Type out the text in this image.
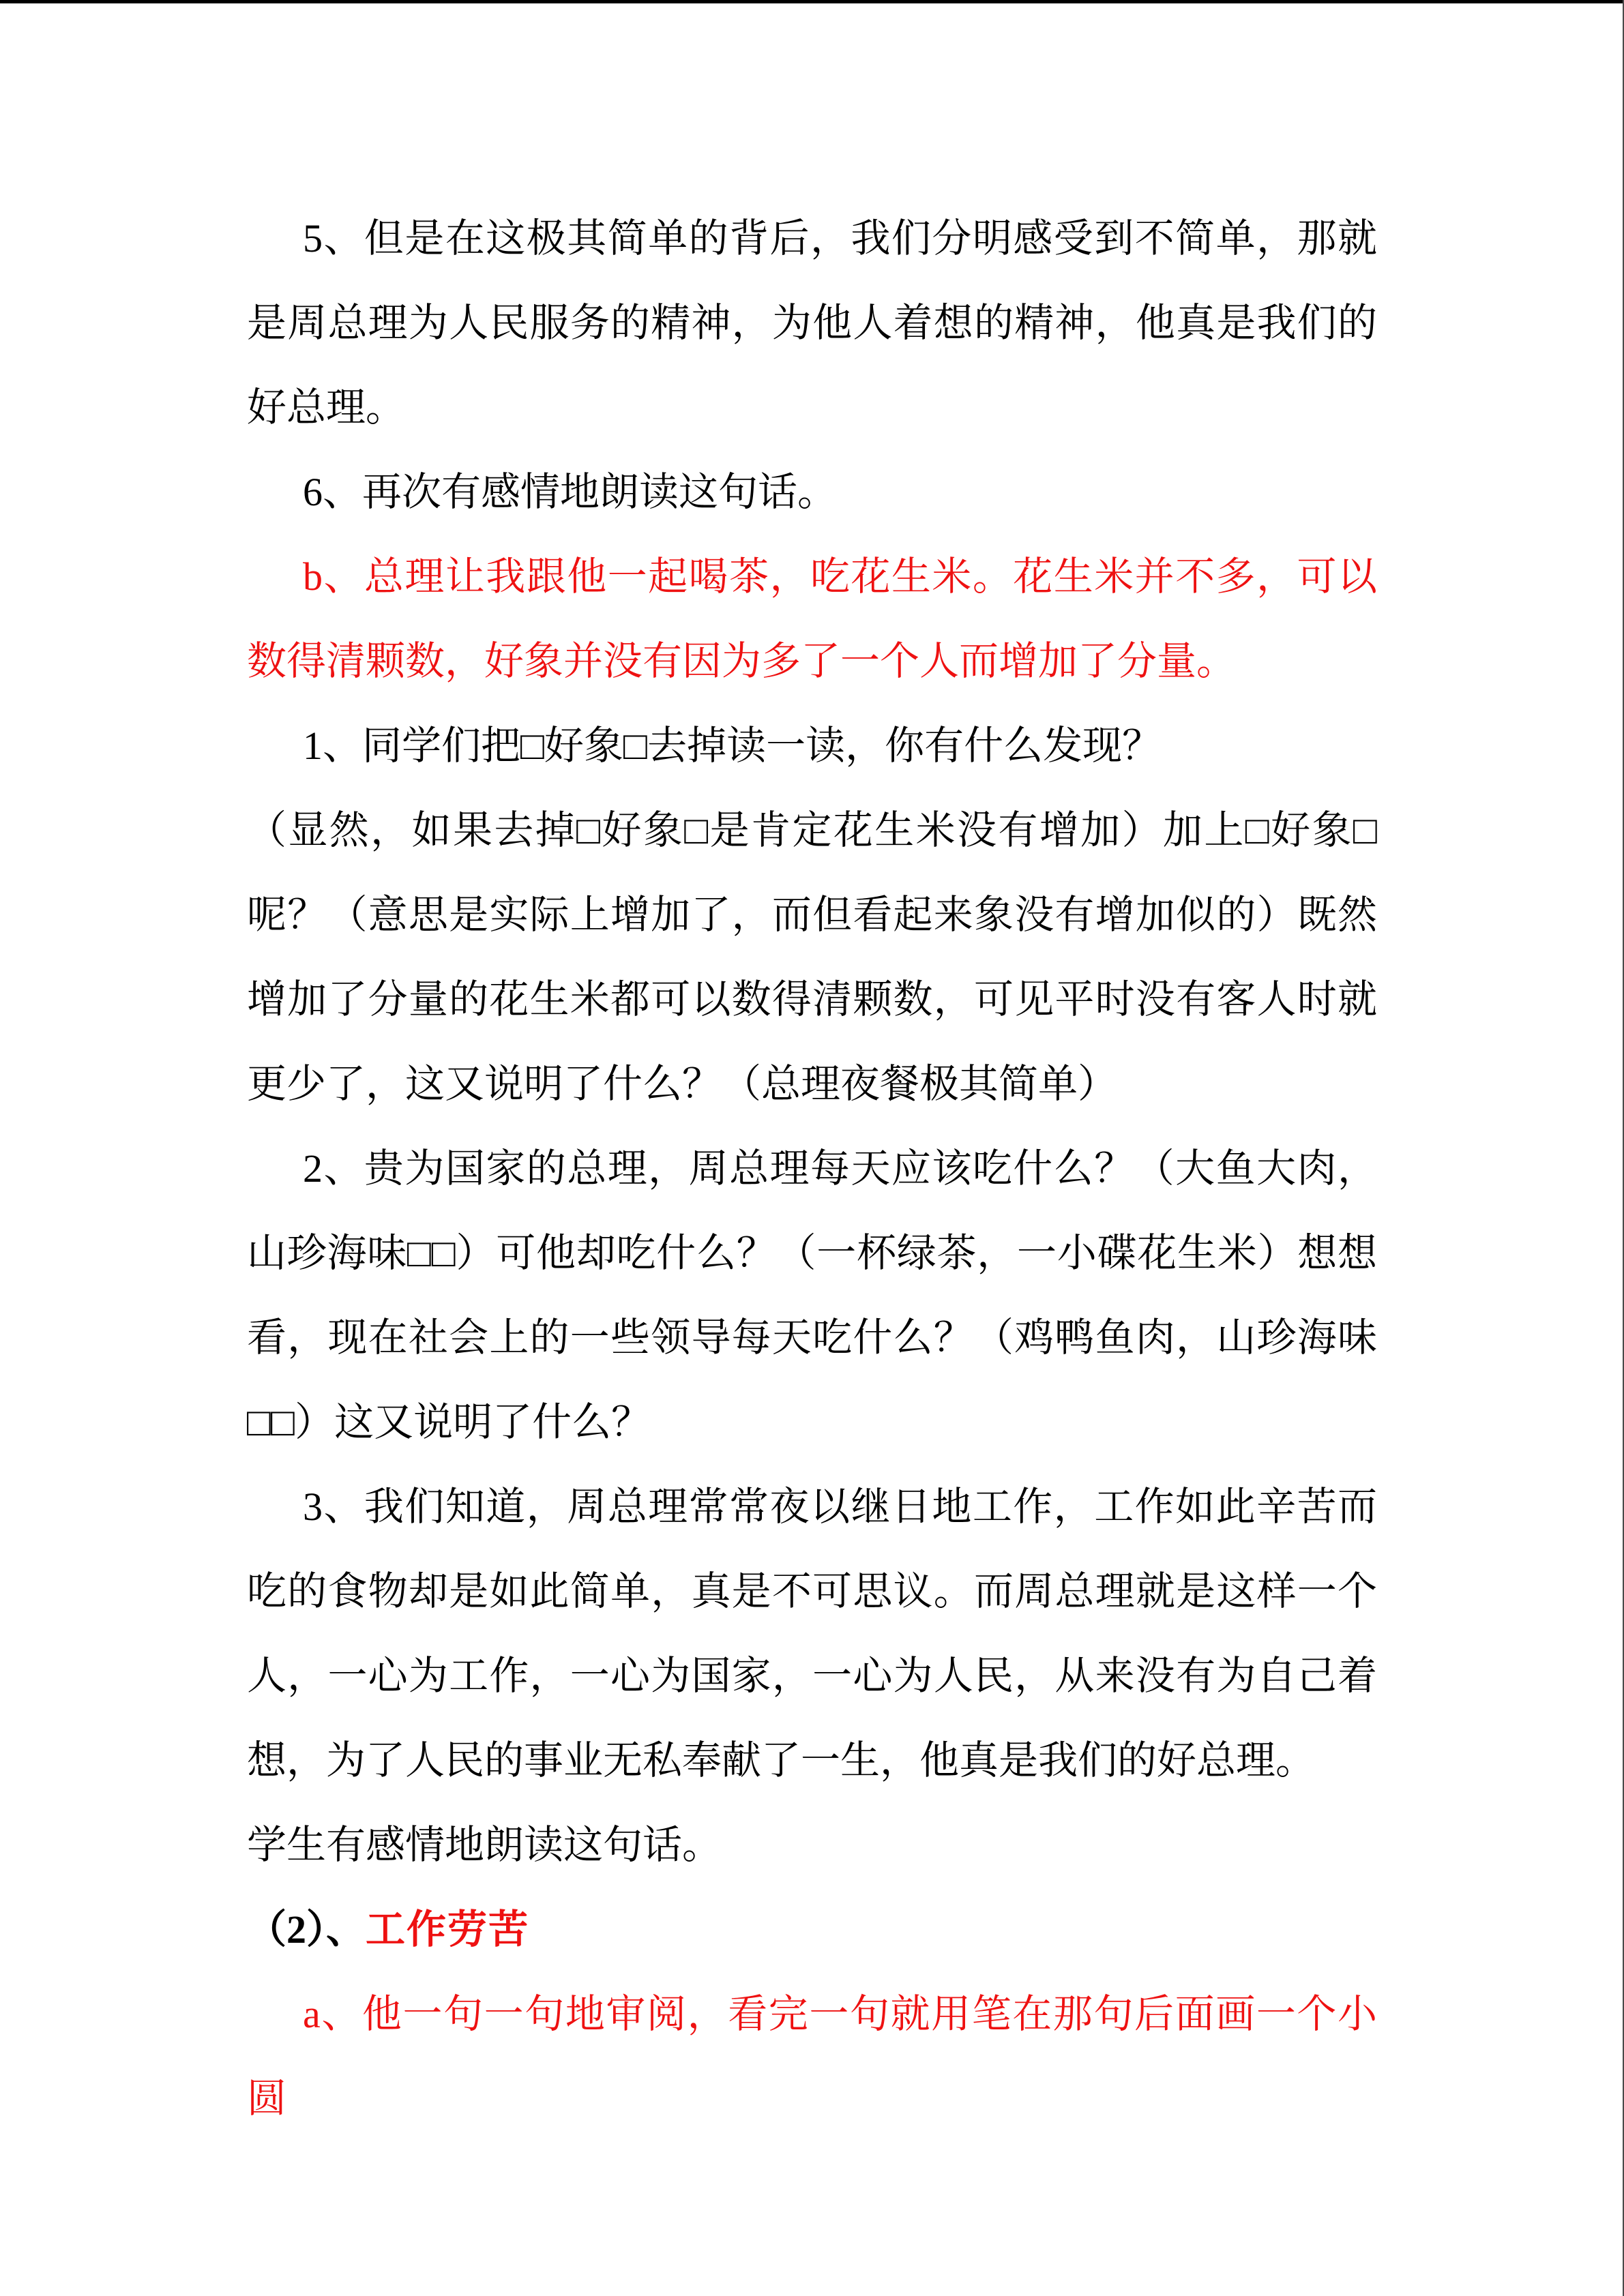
5、但是在这极其简单的背后，我们分明感受到不简单，那就是周总理为人民服务的精神，为他人着想的精神，他真是我们的好总理。

6、再次有感情地朗读这句话。

b、总理让我跟他一起喝茶，吃花生米。花生米并不多，可以数得清颗数，好象并没有因为多了一个人而增加了分量。

1、同学们把□好象□去掉读一读，你有什么发现？

（显然，如果去掉□好象□是肯定花生米没有增加）加上□好象□呢？（意思是实际上增加了，而但看起来象没有增加似的）既然增加了分量的花生米都可以数得清颗数，可见平时没有客人时就更少了，这又说明了什么？（总理夜餐极其简单）

2、贵为国家的总理，周总理每天应该吃什么？（大鱼大肉，山珍海味□□）可他却吃什么？（一杯绿茶，一小碟花生米）想想看，现在社会上的一些领导每天吃什么？（鸡鸭鱼肉，山珍海味□□）这又说明了什么？

3、我们知道，周总理常常夜以继日地工作，工作如此辛苦而吃的食物却是如此简单，真是不可思议。而周总理就是这样一个人，一心为工作，一心为国家，一心为人民，从来没有为自己着想，为了人民的事业无私奉献了一生，他真是我们的好总理。

学生有感情地朗读这句话。

（2）、工作劳苦

a、他一句一句地审阅，看完一句就用笔在那句后面画一个小圆
